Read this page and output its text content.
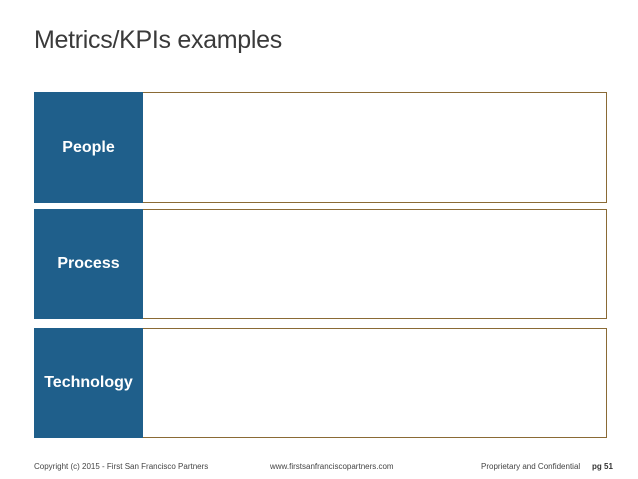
Metrics/KPIs examples
People
Process
Technology
Copyright (c) 2015 - First San Francisco Partners	www.firstsanfranciscopartners.com	Proprietary and Confidential pg 51
